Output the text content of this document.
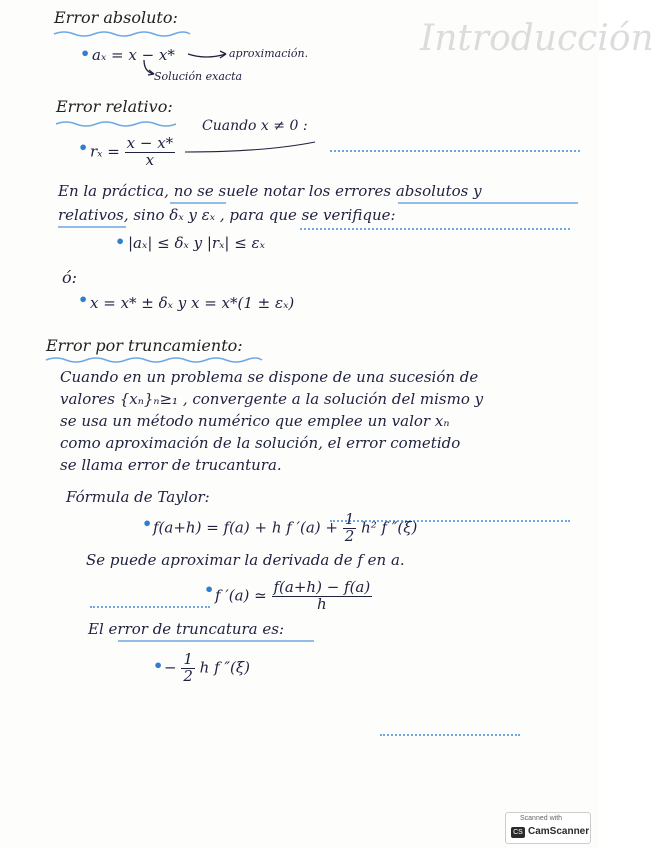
Introducción
Error absoluto:
• aₓ = x − x*	aproximación.
Solución exacta
Error relativo:
Cuando x ≠ 0 :
• $r_x = \frac{x - x*}{x}$
En la práctica, no se suele notar los errores absolutos y
relativos, sino δₓ y εₓ , para que se verifique:
• |aₓ| ≤ δₓ y |rₓ| ≤ εₓ
ó:
• x = x* ± δₓ y x = x*(1 ± εₓ)
Error por truncamiento:
Cuando en un problema se dispone de una sucesión de
valores {xₙ}ₙ≥₁ , convergente a la solución del mismo y
se usa un método numérico que emplee un valor xₙ
como aproximación de la solución, el error cometido
se llama error de trucantura.
Fórmula de Taylor:
• f(a+h) = f(a) + h f $'(a) + \frac{1}{2} h^2$ f ″(ξ)
Se puede aproximar la derivada de f en a.
• f ′(a) ≃ $\frac{f(a+h) - f(a)}{h}$
El error de truncatura es:
• − $\frac{1}{2}$ h f ″(ξ)
Scanned with
CS CamScanner
